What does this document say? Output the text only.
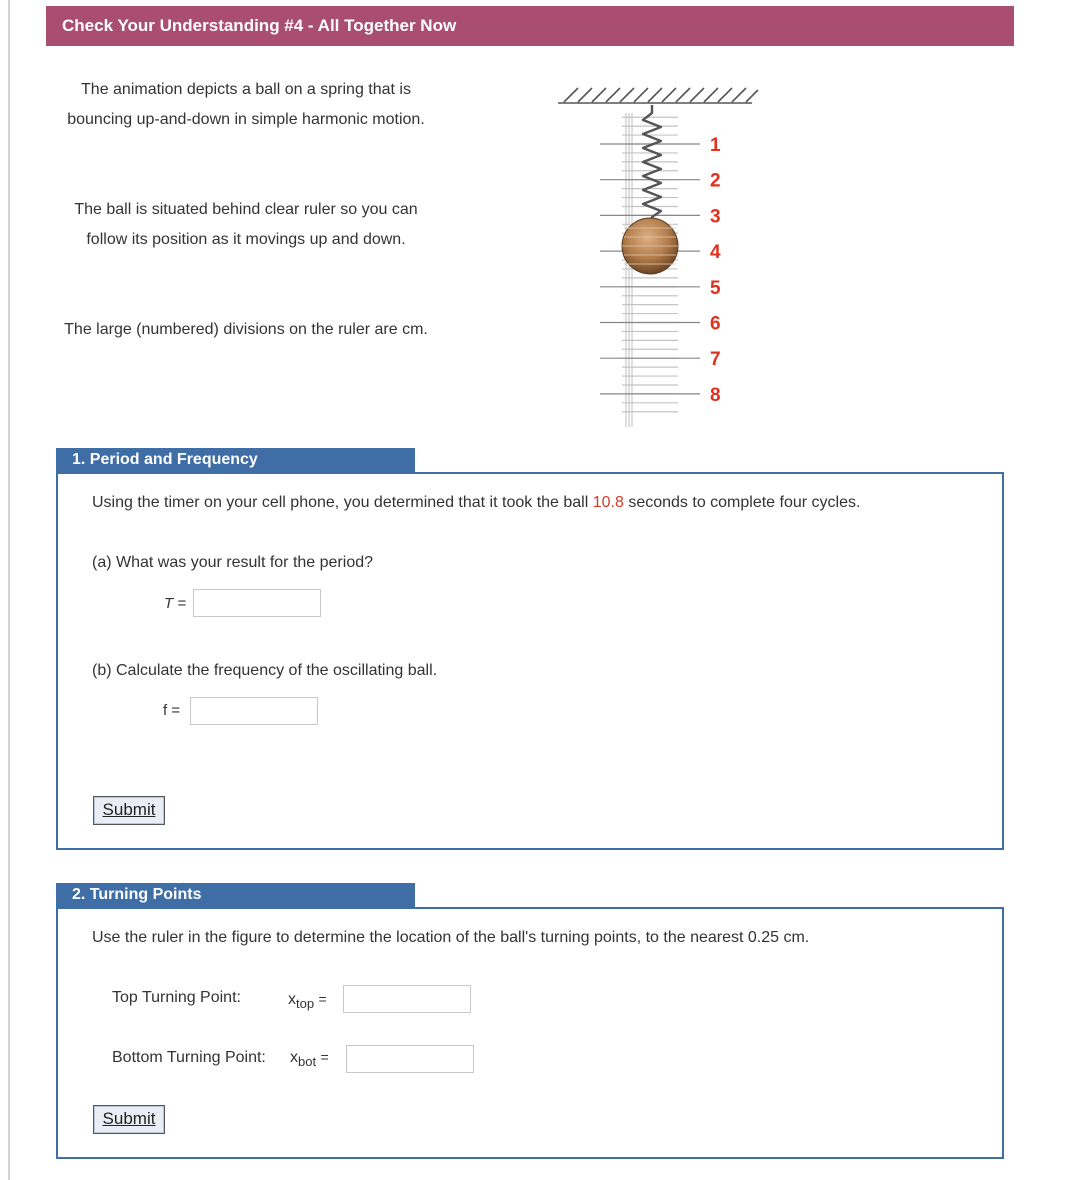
Check Your Understanding #4 - All Together Now
The animation depicts a ball on a spring that is bouncing up-and-down in simple harmonic motion.
The ball is situated behind clear ruler so you can follow its position as it movings up and down.
The large (numbered) divisions on the ruler are cm.
1
2
3
4
5
6
7
8
1. Period and Frequency
Using the timer on your cell phone, you determined that it took the ball 10.8 seconds to complete four cycles.
(a) What was your result for the period?
T =
(b) Calculate the frequency of the oscillating ball.
f =
Submit
2. Turning Points
Use the ruler in the figure to determine the location of the ball's turning points, to the nearest 0.25 cm.
Top Turning Point:	$x_{top}$ =
Bottom Turning Point: $x_{bot}$ =
Submit
